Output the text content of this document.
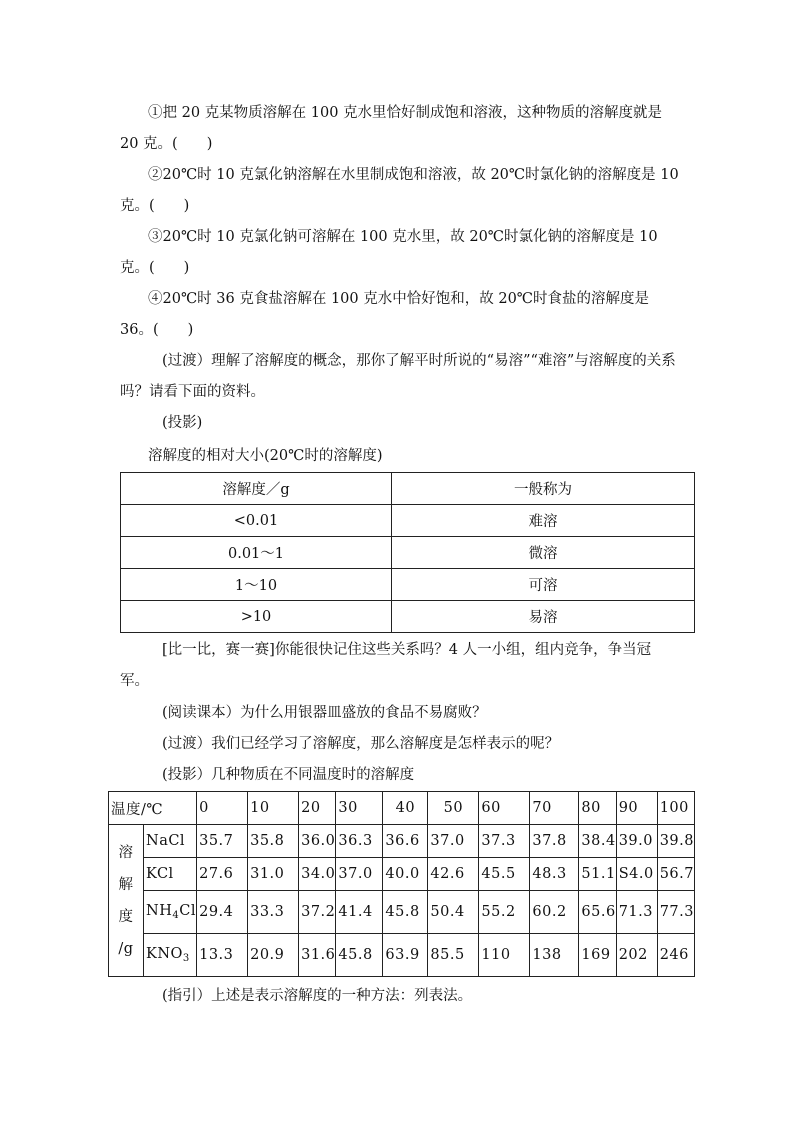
①把 20 克某物质溶解在 100 克水里恰好制成饱和溶液，这种物质的溶解度就是 20 克。(　　)

②20℃时 10 克氯化钠溶解在水里制成饱和溶液，故 20℃时氯化钠的溶解度是 10 克。(　　)

③20℃时 10 克氯化钠可溶解在 100 克水里，故 20℃时氯化钠的溶解度是 10 克。(　　)

④20℃时 36 克食盐溶解在 100 克水中恰好饱和，故 20℃时食盐的溶解度是 36。(　　)

(过渡）理解了溶解度的概念，那你了解平时所说的“易溶”“难溶”与溶解度的关系吗？请看下面的资料。

(投影)

溶解度的相对大小(20℃时的溶解度)

溶解度／g	一般称为
<0.01	难溶
0.01～1	微溶
1～10	可溶
>10	易溶

[比一比，赛一赛]你能很快记住这些关系吗？4 人一小组，组内竞争，争当冠军。

(阅读课本）为什么用银器皿盛放的食品不易腐败？

(过渡）我们已经学习了溶解度，那么溶解度是怎样表示的呢？

(投影）几种物质在不同温度时的溶解度

温度/℃		0	10	20	30	40	50	60	70	80	90	100

溶
解
度
/g	NaCl	35.7	35.8	36.0	36.3	36.6	37.0	37.3	37.8	38.4	39.0	39.8
	KCl	27.6	31.0	34.0	37.0	40.0	42.6	45.5	48.3	51.1	S4.0	56.7
	$NH_4Cl$	29.4	33.3	37.2	41.4	45.8	50.4	55.2	60.2	65.6	71.3	77.3
	$KNO_3$	13.3	20.9	31.6	45.8	63.9	85.5	110	138	169	202	246

(指引）上述是表示溶解度的一种方法：列表法。
